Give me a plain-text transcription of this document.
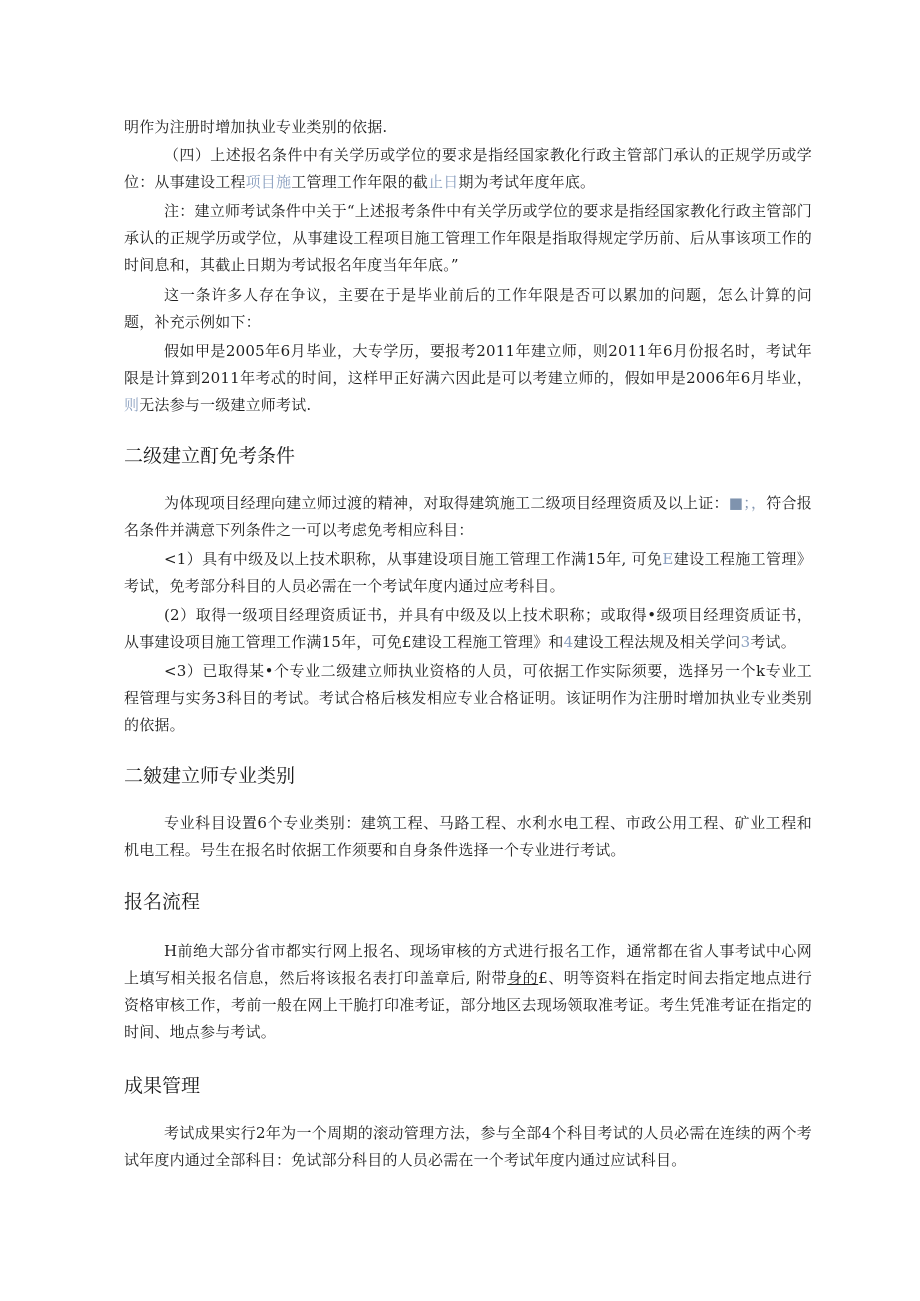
明作为注册时增加执业专业类别的依据.

（四）上述报名条件中有关学历或学位的要求是指经国家教化行政主管部门承认的正规学历或学位：从事建设工程项目施工管理工作年限的截止日期为考试年度年底。

注：建立师考试条件中关于“上述报考条件中有关学历或学位的要求是指经国家教化行政主管部门承认的正规学历或学位，从事建设工程项目施工管理工作年限是指取得规定学历前、后从事该项工作的时间息和，其截止日期为考试报名年度当年年底。”

这一条许多人存在争议，主要在于是毕业前后的工作年限是否可以累加的问题，怎么计算的问题，补充示例如下：

假如甲是2005年6月毕业，大专学历，要报考2011年建立师，则2011年6月份报名时，考试年限是计算到2011年考忒的时间，这样甲正好满六因此是可以考建立师的，假如甲是2006年6月毕业，则无法参与一级建立师考试.

二级建立酊免考条件

为体现项目经理向建立师过渡的精神，对取得建筑施工二级项目经理资质及以上证：■；，符合报名条件并满意下列条件之一可以考虑免考相应科目：

<1）具有中级及以上技术职称，从事建设项目施工管理工作满15年, 可免E建设工程施工管理》考试，免考部分科目的人员必需在一个考试年度内通过应考科目。

(2）取得一级项目经理资质证书，并具有中级及以上技术职称；或取得•级项目经理资质证书，从事建设项目施工管理工作满15年，可免£建设工程施工管理》和4建设工程法规及相关学问3考试。

<3）已取得某•个专业二级建立师执业资格的人员，可依据工作实际须要，选择另一个k专业工程管理与实务3科目的考试。考试合格后核发相应专业合格证明。该证明作为注册时增加执业专业类别的依据。

二皴建立师专业类别

专业科目设置6个专业类别：建筑工程、马路工程、水利水电工程、市政公用工程、矿业工程和机电工程。号生在报名时依据工作须要和自身条件选择一个专业进行考试。

报名流程

H前绝大部分省市都实行网上报名、现场审核的方式进行报名工作，通常都在省人事考试中心网上填写相关报名信息，然后将该报名表打印盖章后, 附带身的£、明等资料在指定时间去指定地点进行资格审核工作，考前一般在网上干脆打印准考证，部分地区去现场领取准考证。考生凭准考证在指定的时间、地点参与考试。

成果管理

考试成果实行2年为一个周期的滚动管理方法，参与全部4个科目考试的人员必需在连续的两个考试年度内通过全部科目：免试部分科目的人员必需在一个考试年度内通过应试科目。
